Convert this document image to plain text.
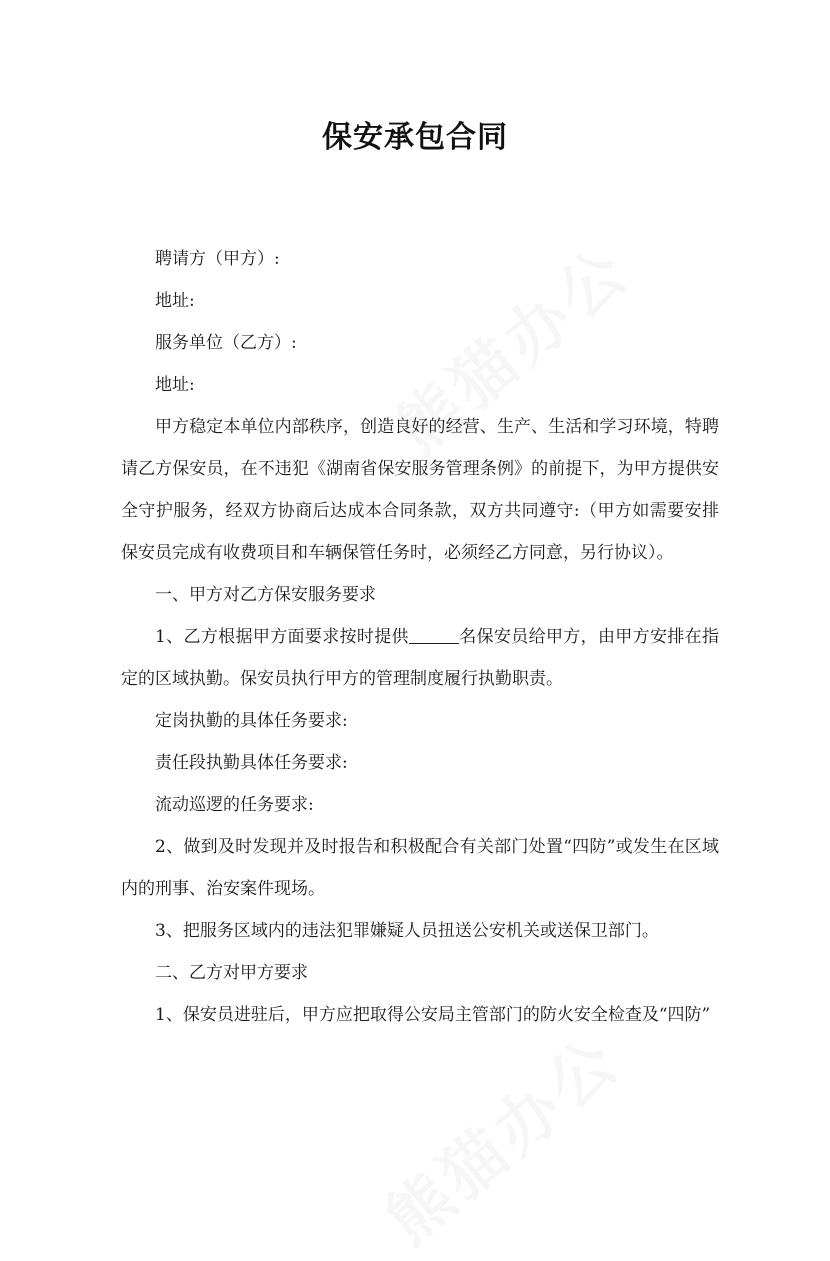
保安承包合同

聘请方（甲方）:

地址:

服务单位（乙方）:

地址:

甲方稳定本单位内部秩序，创造良好的经营、生产、生活和学习环境，特聘请乙方保安员，在不违犯《湖南省保安服务管理条例》的前提下，为甲方提供安全守护服务，经双方协商后达成本合同条款，双方共同遵守:（甲方如需要安排保安员完成有收费项目和车辆保管任务时，必须经乙方同意，另行协议）。

一、甲方对乙方保安服务要求

1、乙方根据甲方面要求按时提供	名保安员给甲方，由甲方安排在指定的区域执勤。保安员执行甲方的管理制度履行执勤职责。

定岗执勤的具体任务要求:

责任段执勤具体任务要求:

流动巡逻的任务要求:

2、做到及时发现并及时报告和积极配合有关部门处置“四防”或发生在区域内的刑事、治安案件现场。

3、把服务区域内的违法犯罪嫌疑人员扭送公安机关或送保卫部门。

二、乙方对甲方要求

1、保安员进驻后，甲方应把取得公安局主管部门的防火安全检查及“四防”
